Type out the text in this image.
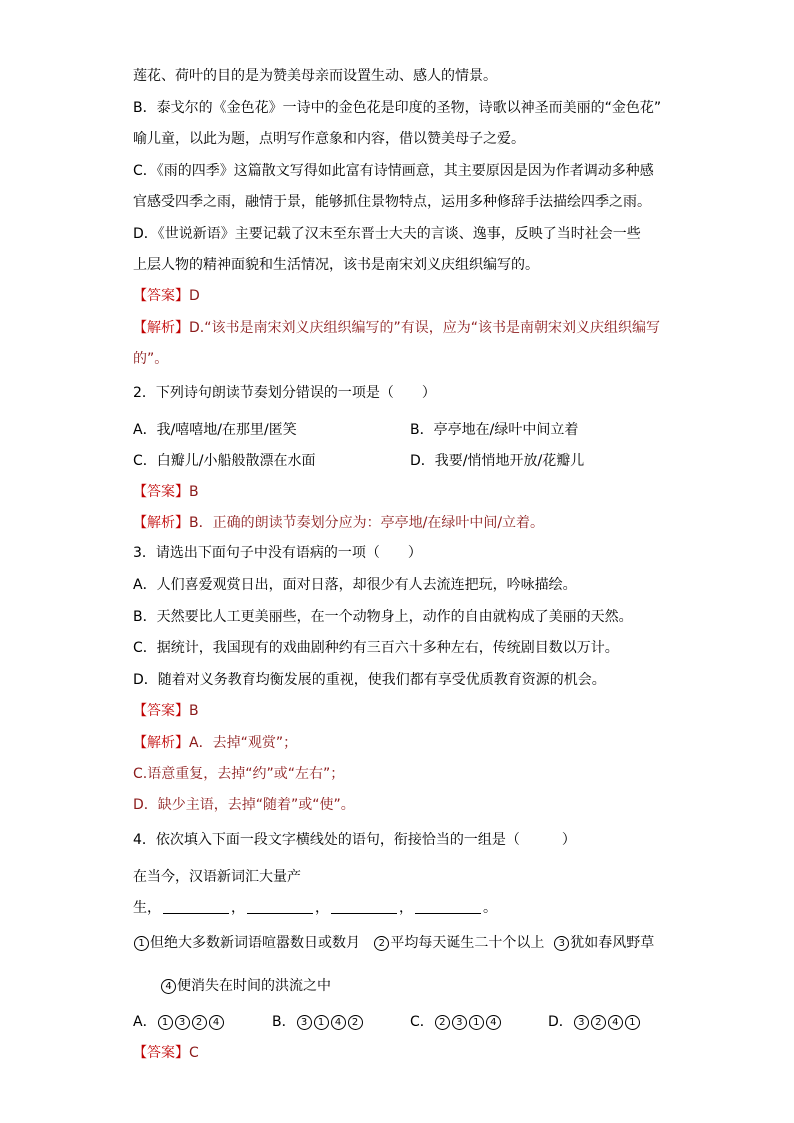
莲花、荷叶的目的是为赞美母亲而设置生动、感人的情景。
B．泰戈尔的《金色花》一诗中的金色花是印度的圣物，诗歌以神圣而美丽的“金色花”
喻儿童，以此为题，点明写作意象和内容，借以赞美母子之爱。
C．《雨的四季》这篇散文写得如此富有诗情画意，其主要原因是因为作者调动多种感
官感受四季之雨，融情于景，能够抓住景物特点，运用多种修辞手法描绘四季之雨。
D．《世说新语》主要记载了汉末至东晋士大夫的言谈、逸事，反映了当时社会一些
上层人物的精神面貌和生活情况，该书是南宋刘义庆组织编写的。
【答案】D
【解析】D.“该书是南宋刘义庆组织编写的”有误，应为“该书是南朝宋刘义庆组织编写
的”。
2．下列诗句朗读节奏划分错误的一项是（　　）
A．我/嘻嘻地/在那里/匿笑	B．亭亭地在/绿叶中间立着
C．白瓣儿/小船般散漂在水面	D．我要/悄悄地开放/花瓣儿
【答案】B
【解析】B．正确的朗读节奏划分应为：亭亭地/在绿叶中间/立着。
3．请选出下面句子中没有语病的一项（　　）
A．人们喜爱观赏日出，面对日落，却很少有人去流连把玩，吟咏描绘。
B．天然要比人工更美丽些，在一个动物身上，动作的自由就构成了美丽的天然。
C．据统计，我国现有的戏曲剧种约有三百六十多种左右，传统剧目数以万计。
D．随着对义务教育均衡发展的重视，使我们都有享受优质教育资源的机会。
【答案】B
【解析】A．去掉“观赏”；
C.语意重复，去掉“约”或“左右”；
D．缺少主语，去掉“随着”或“使”。
4．依次填入下面一段文字横线处的语句，衔接恰当的一组是（　　　）
在当今，汉语新词汇大量产
生，	，	，	，	。
1 但绝大多数新词语喧嚣数日或数月 2 平均每天诞生二十个以上 3 犹如春风野草
4 便消失在时间的洪流之中
A． 1 3 2 4	B． 3 1 4 2	C． 2 3 1 4	D． 3 2 4 1
【答案】C
